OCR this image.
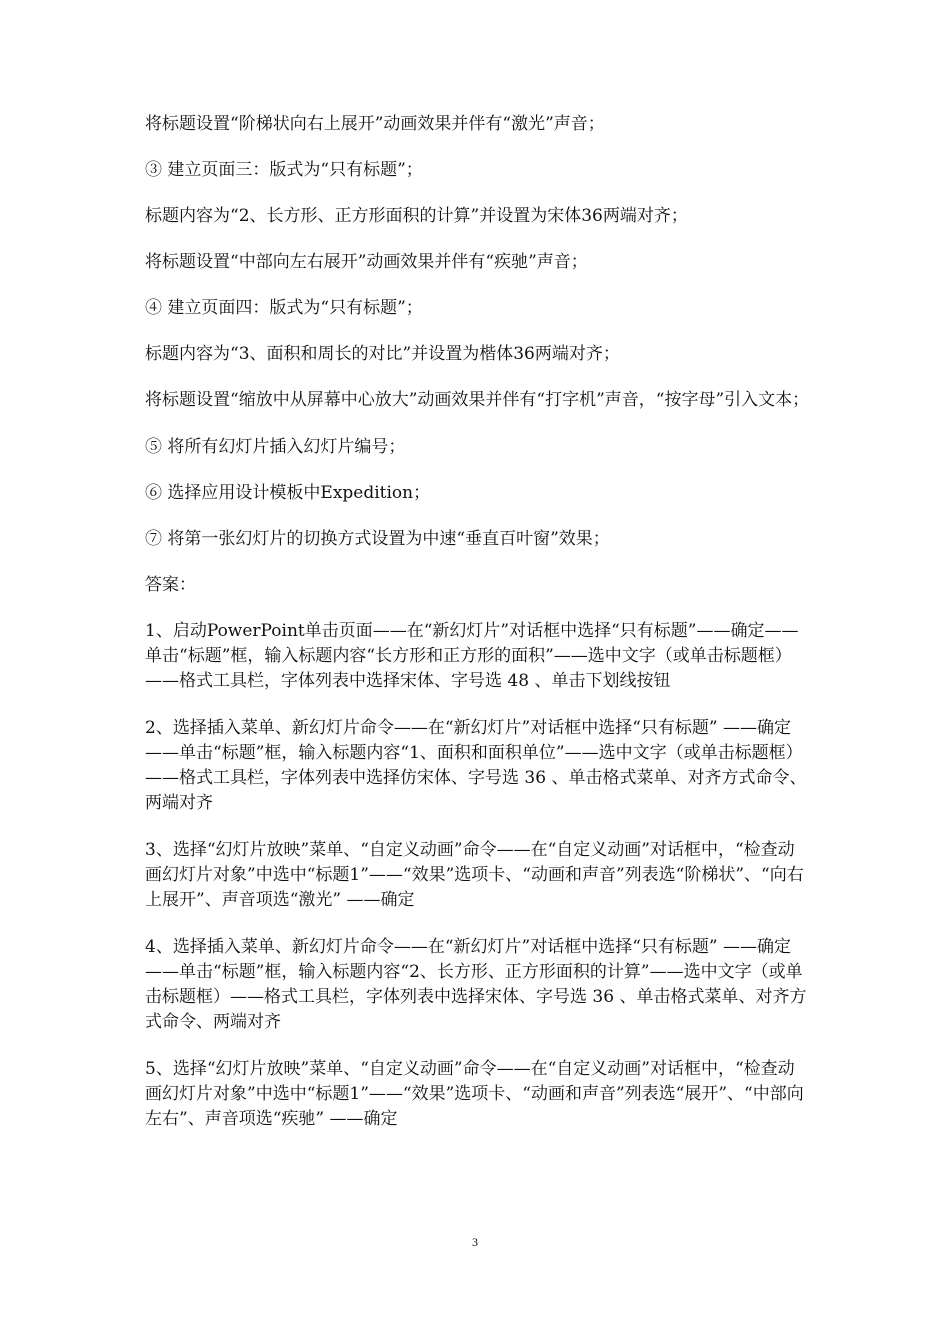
将标题设置“阶梯状向右上展开”动画效果并伴有“激光”声音；

③ 建立页面三：版式为“只有标题”；

标题内容为“2、长方形、正方形面积的计算”并设置为宋体36两端对齐；

将标题设置“中部向左右展开”动画效果并伴有“疾驰”声音；

④ 建立页面四：版式为“只有标题”；

标题内容为“3、面积和周长的对比”并设置为楷体36两端对齐；

将标题设置“缩放中从屏幕中心放大”动画效果并伴有“打字机”声音，“按字母”引入文本；

⑤ 将所有幻灯片插入幻灯片编号；

⑥ 选择应用设计模板中Expedition；

⑦ 将第一张幻灯片的切换方式设置为中速“垂直百叶窗”效果；

答案：

1、启动PowerPoint单击页面——在“新幻灯片”对话框中选择“只有标题”——确定——单击“标题”框，输入标题内容“长方形和正方形的面积”——选中文字（或单击标题框）——格式工具栏，字体列表中选择宋体、字号选 48 、单击下划线按钮

2、选择插入菜单、新幻灯片命令——在“新幻灯片”对话框中选择“只有标题” ——确定——单击“标题”框，输入标题内容“1、面积和面积单位”——选中文字（或单击标题框）——格式工具栏，字体列表中选择仿宋体、字号选 36 、单击格式菜单、对齐方式命令、两端对齐

3、选择“幻灯片放映”菜单、“自定义动画”命令——在“自定义动画”对话框中，“检查动画幻灯片对象”中选中“标题1”——“效果”选项卡、“动画和声音”列表选“阶梯状”、“向右上展开”、声音项选“激光” ——确定

4、选择插入菜单、新幻灯片命令——在“新幻灯片”对话框中选择“只有标题” ——确定——单击“标题”框，输入标题内容“2、长方形、正方形面积的计算”——选中文字（或单击标题框）——格式工具栏，字体列表中选择宋体、字号选 36 、单击格式菜单、对齐方式命令、两端对齐

5、选择“幻灯片放映”菜单、“自定义动画”命令——在“自定义动画”对话框中，“检查动画幻灯片对象”中选中“标题1”——“效果”选项卡、“动画和声音”列表选“展开”、“中部向左右”、声音项选“疾驰” ——确定

3
